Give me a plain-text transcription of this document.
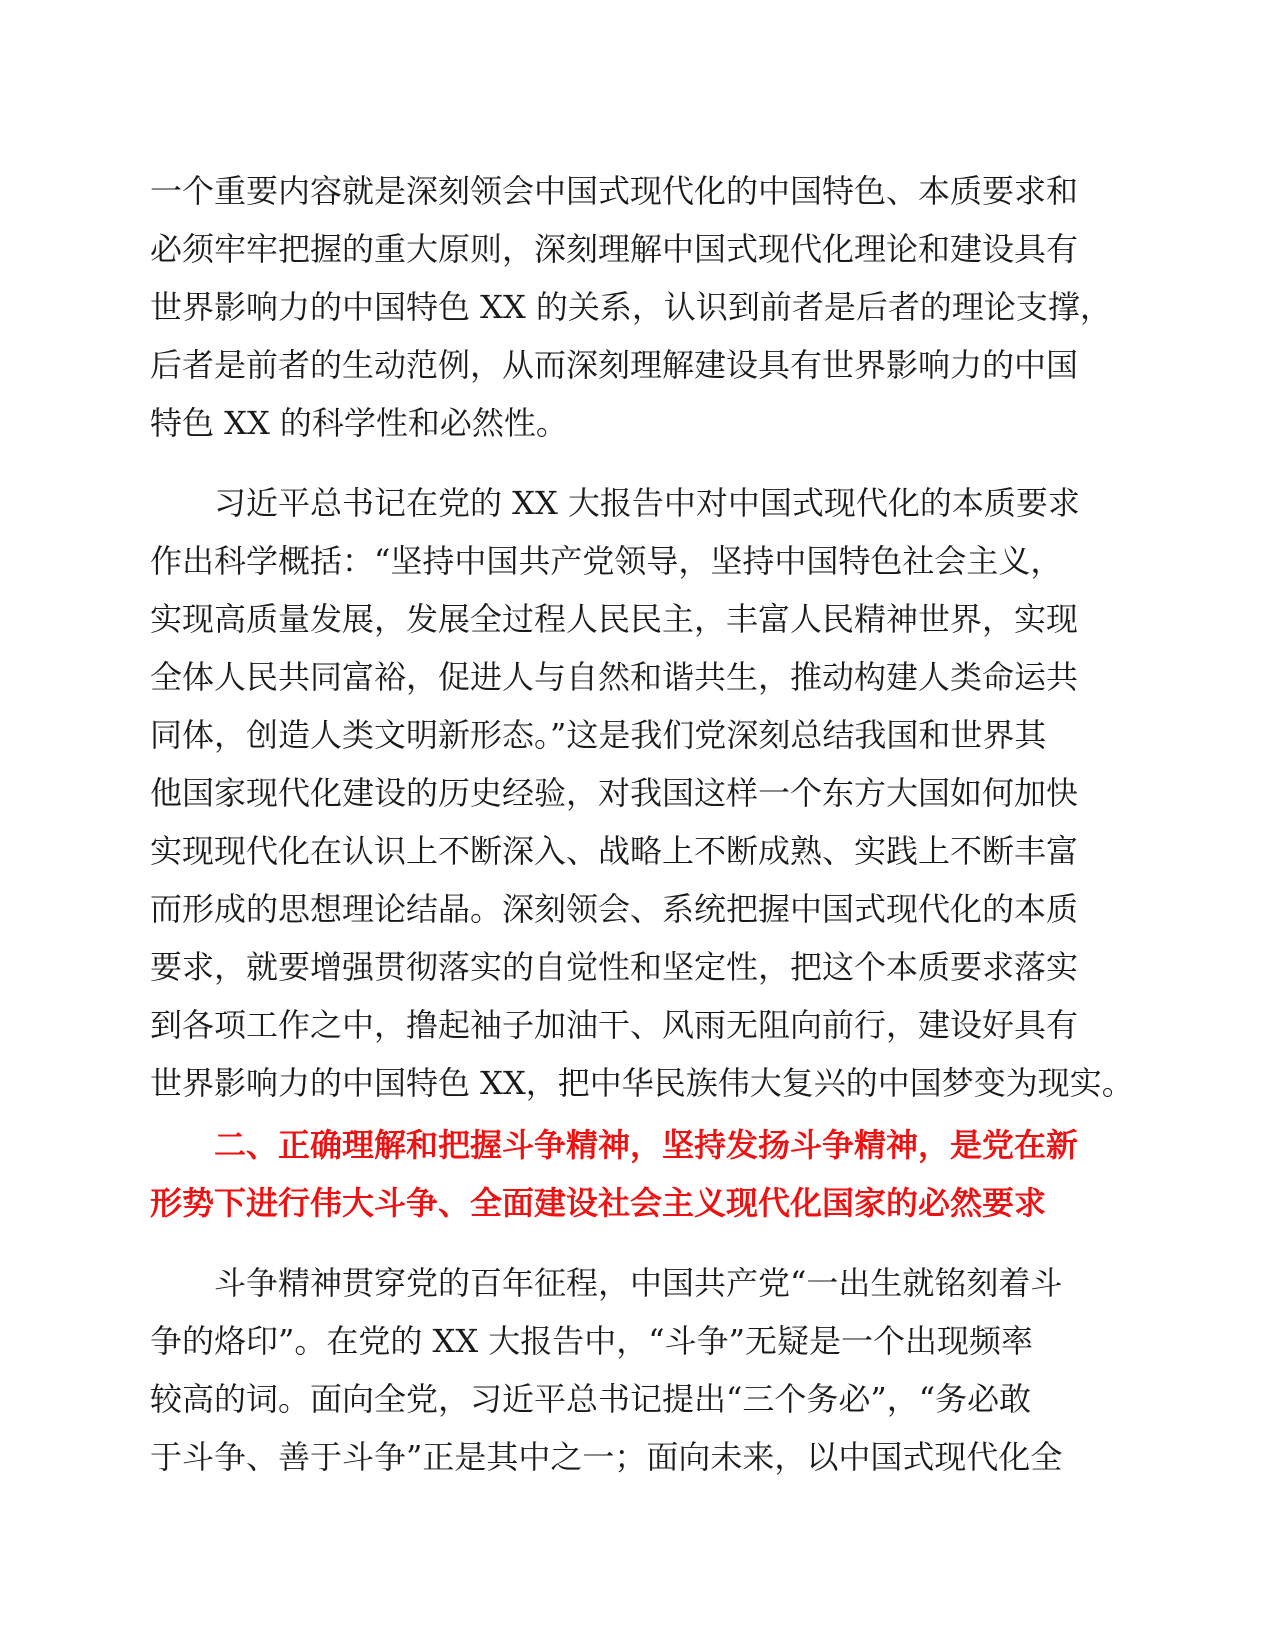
一个重要内容就是深刻领会中国式现代化的中国特色、本质要求和
必须牢牢把握的重大原则，深刻理解中国式现代化理论和建设具有
世界影响力的中国特色 XX 的关系，认识到前者是后者的理论支撑，
后者是前者的生动范例，从而深刻理解建设具有世界影响力的中国
特色 XX 的科学性和必然性。

习近平总书记在党的 XX 大报告中对中国式现代化的本质要求
作出科学概括：“坚持中国共产党领导，坚持中国特色社会主义，
实现高质量发展，发展全过程人民民主，丰富人民精神世界，实现
全体人民共同富裕，促进人与自然和谐共生，推动构建人类命运共
同体，创造人类文明新形态。”这是我们党深刻总结我国和世界其
他国家现代化建设的历史经验，对我国这样一个东方大国如何加快
实现现代化在认识上不断深入、战略上不断成熟、实践上不断丰富
而形成的思想理论结晶。深刻领会、系统把握中国式现代化的本质
要求，就要增强贯彻落实的自觉性和坚定性，把这个本质要求落实
到各项工作之中，撸起袖子加油干、风雨无阻向前行，建设好具有
世界影响力的中国特色 XX，把中华民族伟大复兴的中国梦变为现实。

二、正确理解和把握斗争精神，坚持发扬斗争精神，是党在新
形势下进行伟大斗争、全面建设社会主义现代化国家的必然要求

斗争精神贯穿党的百年征程，中国共产党“一出生就铭刻着斗
争的烙印”。在党的 XX 大报告中，“斗争”无疑是一个出现频率
较高的词。面向全党，习近平总书记提出“三个务必”，“务必敢
于斗争、善于斗争”正是其中之一；面向未来，以中国式现代化全
